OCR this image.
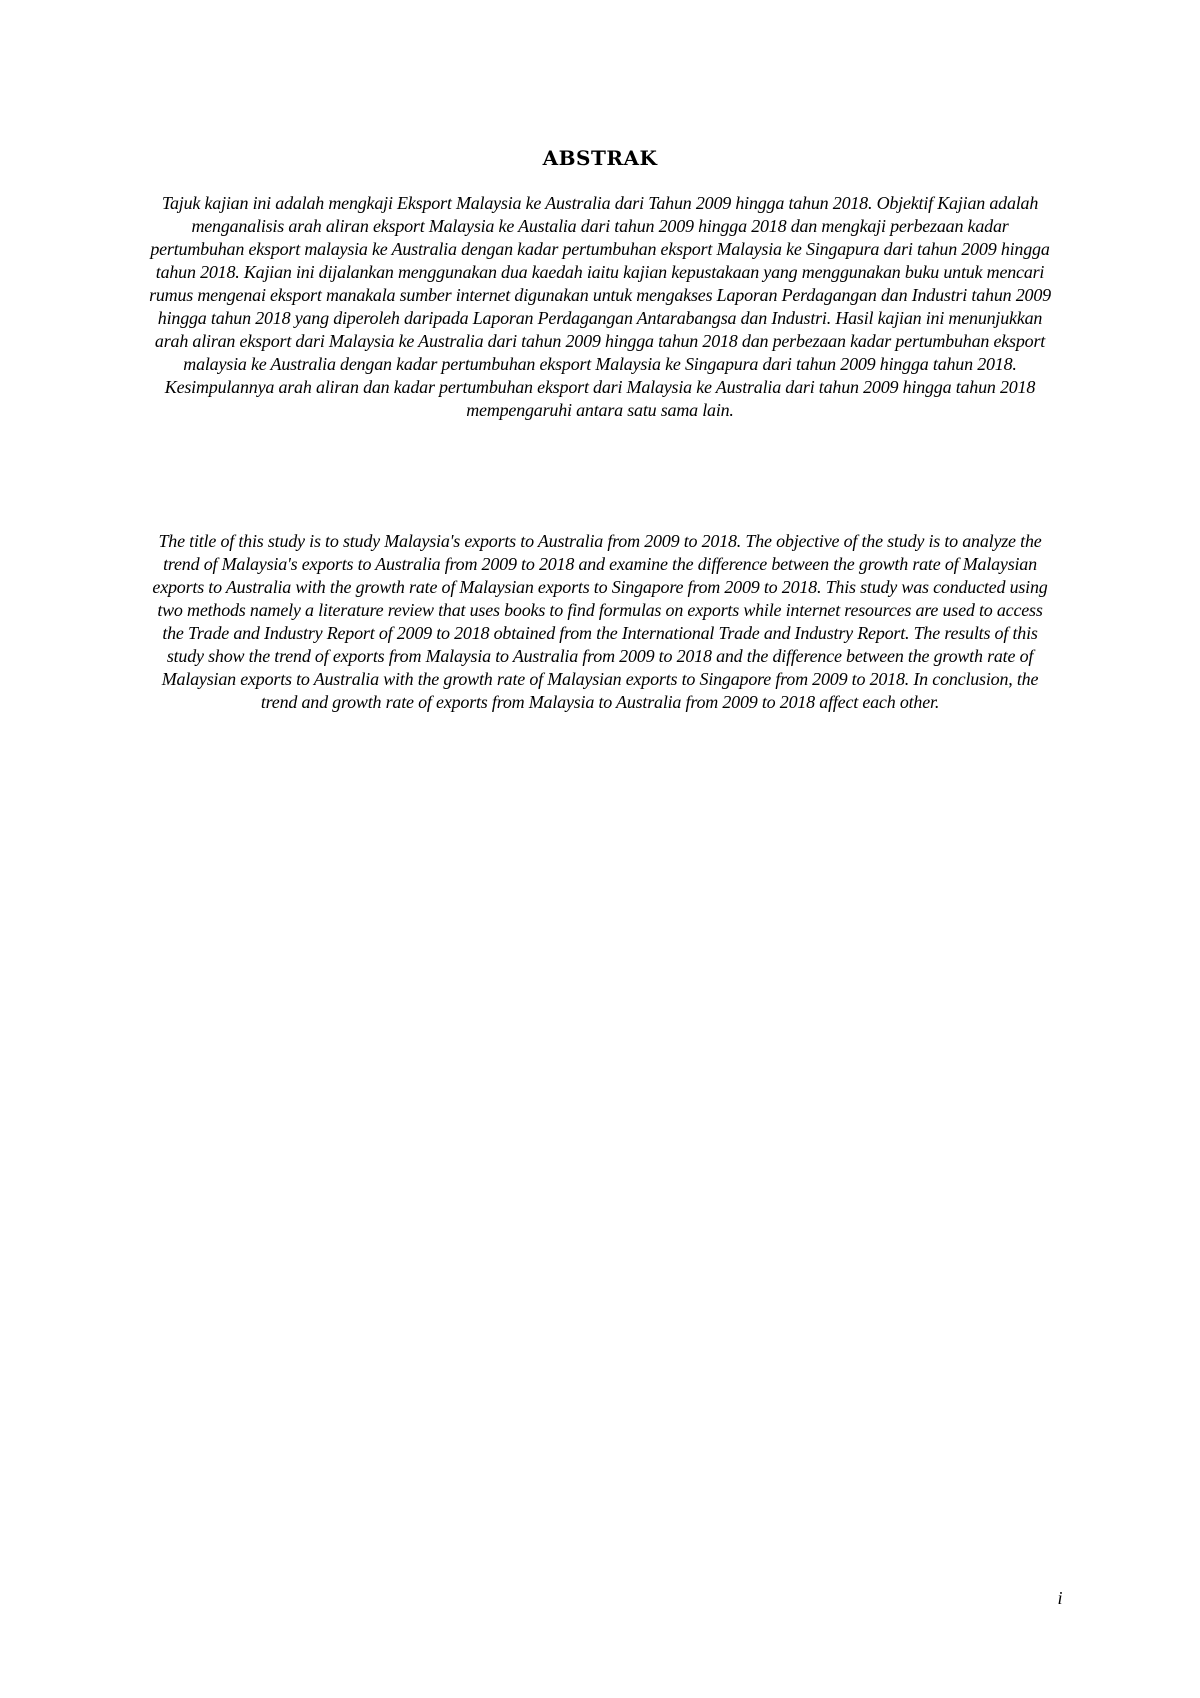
ABSTRAK

Tajuk kajian ini adalah mengkaji Eksport Malaysia ke Australia dari Tahun 2009 hingga tahun 2018. Objektif Kajian adalah menganalisis arah aliran eksport Malaysia ke Austalia dari tahun 2009 hingga 2018 dan mengkaji perbezaan kadar pertumbuhan eksport malaysia ke Australia dengan kadar pertumbuhan eksport Malaysia ke Singapura dari tahun 2009 hingga tahun 2018. Kajian ini dijalankan menggunakan dua kaedah iaitu kajian kepustakaan yang menggunakan buku untuk mencari rumus mengenai eksport manakala sumber internet digunakan untuk mengakses Laporan Perdagangan dan Industri tahun 2009 hingga tahun 2018 yang diperoleh daripada Laporan Perdagangan Antarabangsa dan Industri. Hasil kajian ini menunjukkan arah aliran eksport dari Malaysia ke Australia dari tahun 2009 hingga tahun 2018 dan perbezaan kadar pertumbuhan eksport malaysia ke Australia dengan kadar pertumbuhan eksport Malaysia ke Singapura dari tahun 2009 hingga tahun 2018. Kesimpulannya arah aliran dan kadar pertumbuhan eksport dari Malaysia ke Australia dari tahun 2009 hingga tahun 2018 mempengaruhi antara satu sama lain.

The title of this study is to study Malaysia's exports to Australia from 2009 to 2018. The objective of the study is to analyze the trend of Malaysia's exports to Australia from 2009 to 2018 and examine the difference between the growth rate of Malaysian exports to Australia with the growth rate of Malaysian exports to Singapore from 2009 to 2018. This study was conducted using two methods namely a literature review that uses books to find formulas on exports while internet resources are used to access the Trade and Industry Report of 2009 to 2018 obtained from the International Trade and Industry Report. The results of this study show the trend of exports from Malaysia to Australia from 2009 to 2018 and the difference between the growth rate of Malaysian exports to Australia with the growth rate of Malaysian exports to Singapore from 2009 to 2018. In conclusion, the trend and growth rate of exports from Malaysia to Australia from 2009 to 2018 affect each other.

i
